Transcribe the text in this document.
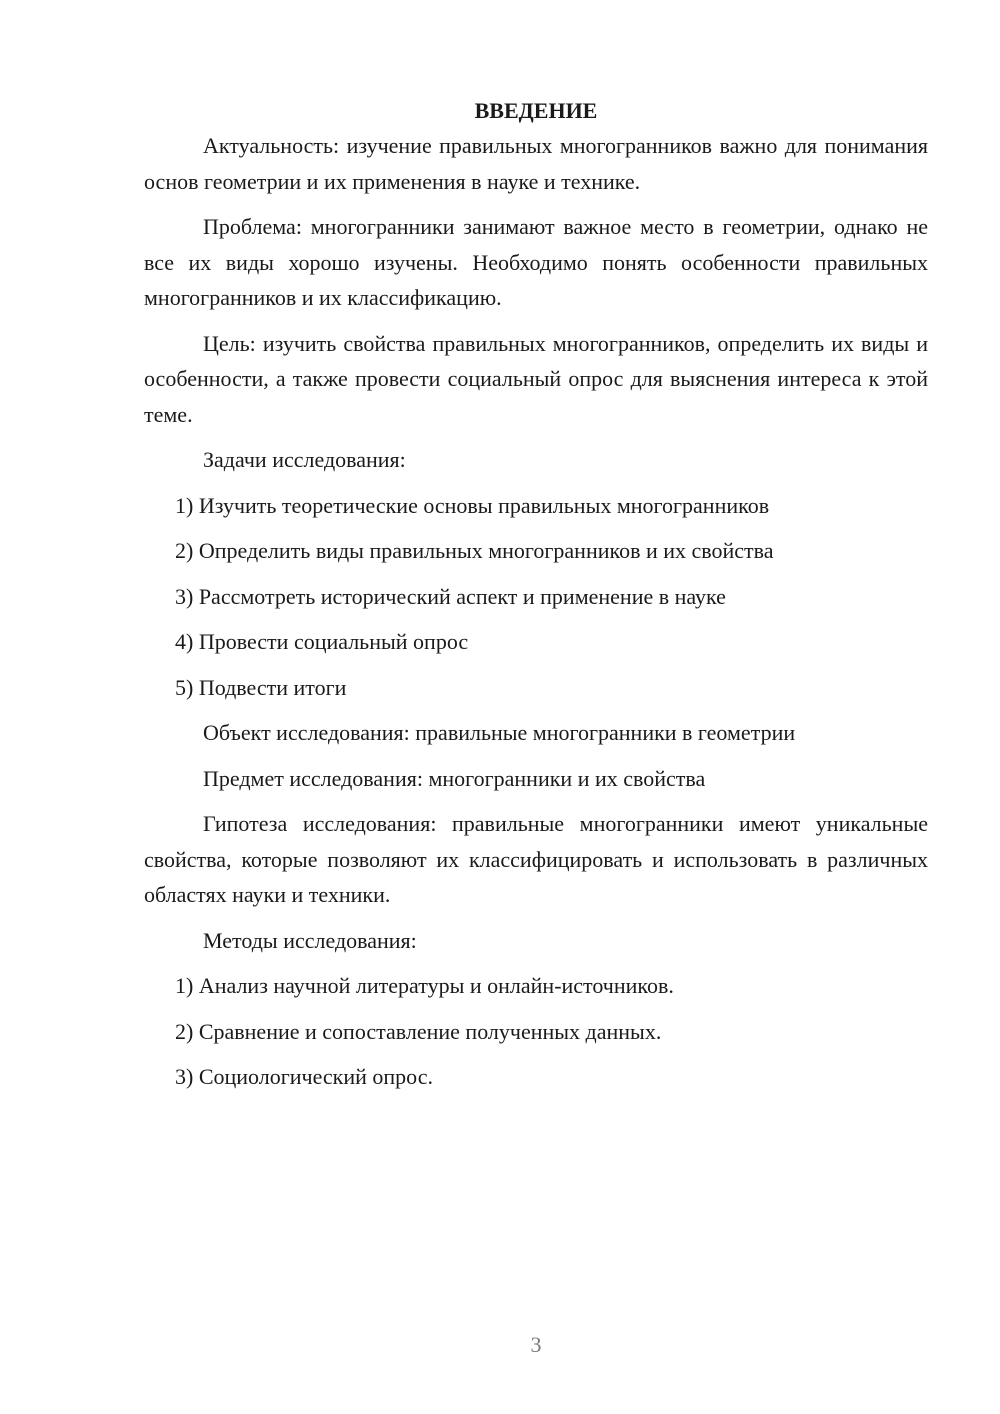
ВВЕДЕНИЕ

Актуальность: изучение правильных многогранников важно для понимания основ геометрии и их применения в науке и технике.

Проблема: многогранники занимают важное место в геометрии, однако не все их виды хорошо изучены. Необходимо понять особенности правильных многогранников и их классификацию.

Цель: изучить свойства правильных многогранников, определить их виды и особенности, а также провести социальный опрос для выяснения интереса к этой теме.

Задачи исследования:

1) Изучить теоретические основы правильных многогранников
2) Определить виды правильных многогранников и их свойства
3) Рассмотреть исторический аспект и применение в науке
4) Провести социальный опрос
5) Подвести итоги

Объект исследования: правильные многогранники в геометрии

Предмет исследования: многогранники и их свойства

Гипотеза исследования: правильные многогранники имеют уникальные свойства, которые позволяют их классифицировать и использовать в различных областях науки и техники.

Методы исследования:

1) Анализ научной литературы и онлайн-источников.
2) Сравнение и сопоставление полученных данных.
3) Социологический опрос.
3
